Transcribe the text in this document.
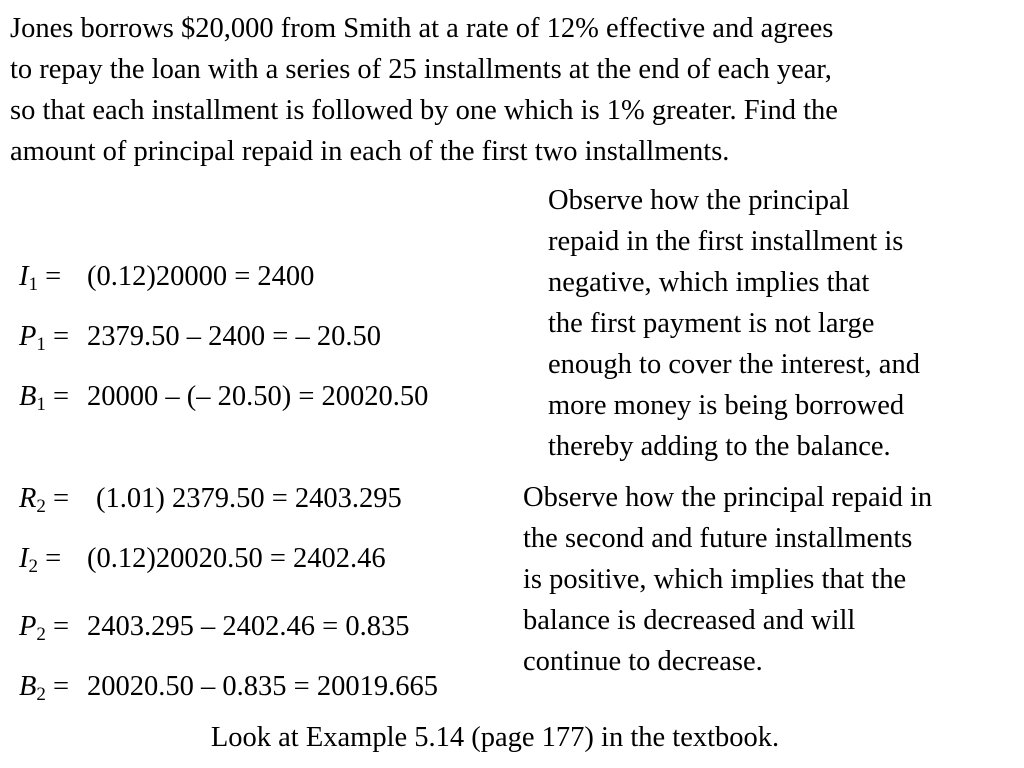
Jones borrows $20,000 from Smith at a rate of 12% effective and agrees
to repay the loan with a series of 25 installments at the end of each year,
so that each installment is followed by one which is 1% greater. Find the
amount of principal repaid in each of the first two installments.
$I_1 = (0.12)20000 = 2400$
$P_1 = 2379.50 - 2400$ = – 20.50
$B_1 = 20000$ – (– 20.50) = 20020.50
$R_2 = (1.01) 2379.50 = 2403.295$
$I_2 = (0.12)20020.50 = 2402.46$
$P_2 = 2403.295 - 2402.46 = 0.835$
$B_2 = 20020.50 - 0.835 = 20019.665$
Observe how the principal
repaid in the first installment is
negative, which implies that
the first payment is not large
enough to cover the interest, and
more money is being borrowed
thereby adding to the balance.
Observe how the principal repaid in
the second and future installments
is positive, which implies that the
balance is decreased and will
continue to decrease.
Look at Example 5.14 (page 177) in the textbook.
